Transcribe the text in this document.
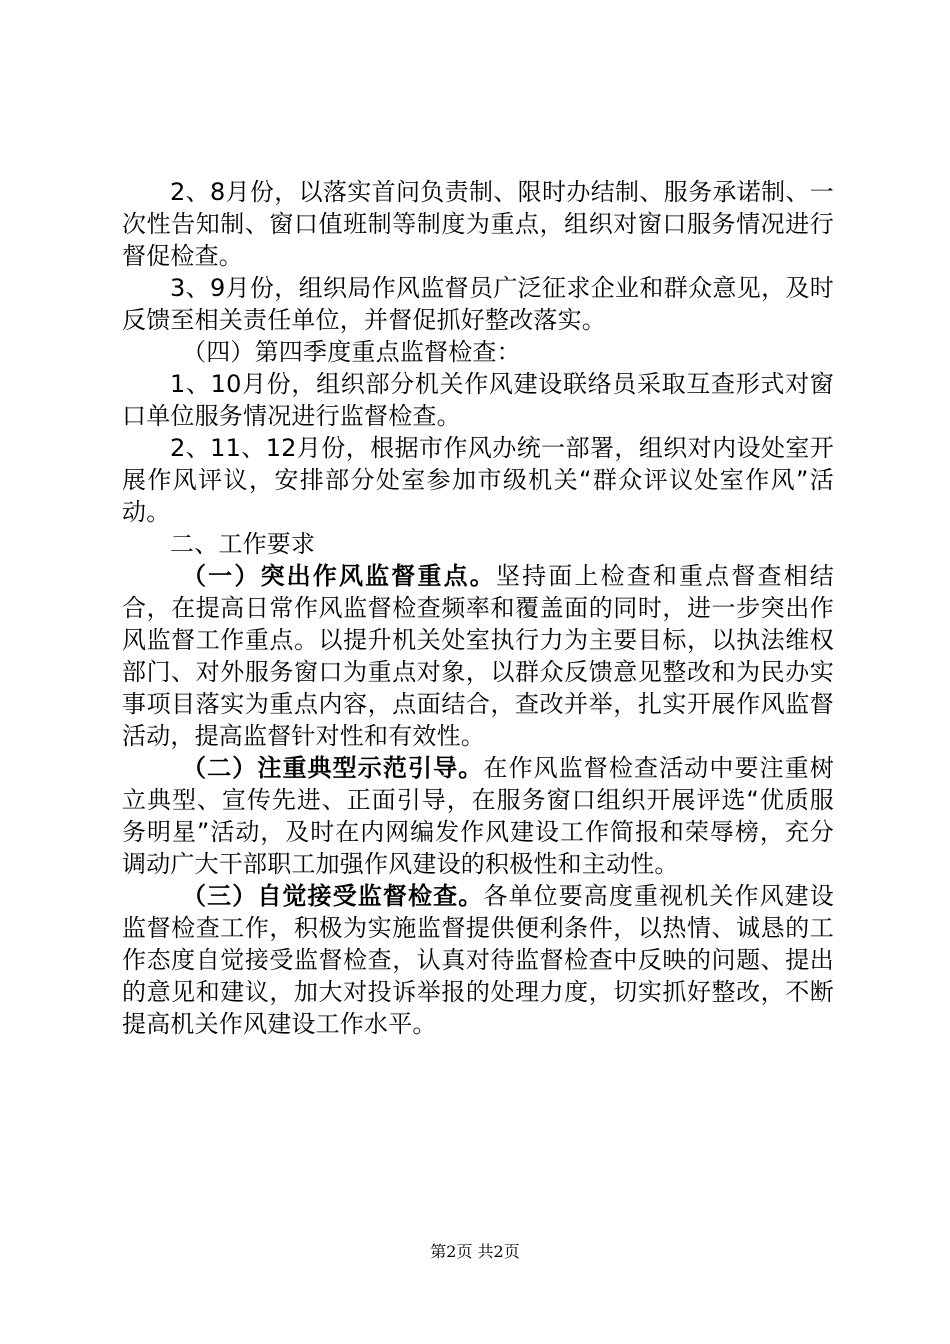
2、8月份，以落实首问负责制、限时办结制、服务承诺制、一次性告知制、窗口值班制等制度为重点，组织对窗口服务情况进行督促检查。

3、9月份，组织局作风监督员广泛征求企业和群众意见，及时反馈至相关责任单位，并督促抓好整改落实。

（四）第四季度重点监督检查：

1、10月份，组织部分机关作风建设联络员采取互查形式对窗口单位服务情况进行监督检查。

2、11、12月份，根据市作风办统一部署，组织对内设处室开展作风评议，安排部分处室参加市级机关“群众评议处室作风”活动。

二、工作要求

（一）突出作风监督重点。坚持面上检查和重点督查相结合，在提高日常作风监督检查频率和覆盖面的同时，进一步突出作风监督工作重点。以提升机关处室执行力为主要目标，以执法维权部门、对外服务窗口为重点对象，以群众反馈意见整改和为民办实事项目落实为重点内容，点面结合，查改并举，扎实开展作风监督活动，提高监督针对性和有效性。

（二）注重典型示范引导。在作风监督检查活动中要注重树立典型、宣传先进、正面引导，在服务窗口组织开展评选“优质服务明星”活动，及时在内网编发作风建设工作简报和荣辱榜，充分调动广大干部职工加强作风建设的积极性和主动性。

（三）自觉接受监督检查。各单位要高度重视机关作风建设监督检查工作，积极为实施监督提供便利条件，以热情、诚恳的工作态度自觉接受监督检查，认真对待监督检查中反映的问题、提出的意见和建议，加大对投诉举报的处理力度，切实抓好整改，不断提高机关作风建设工作水平。

第2页 共2页
